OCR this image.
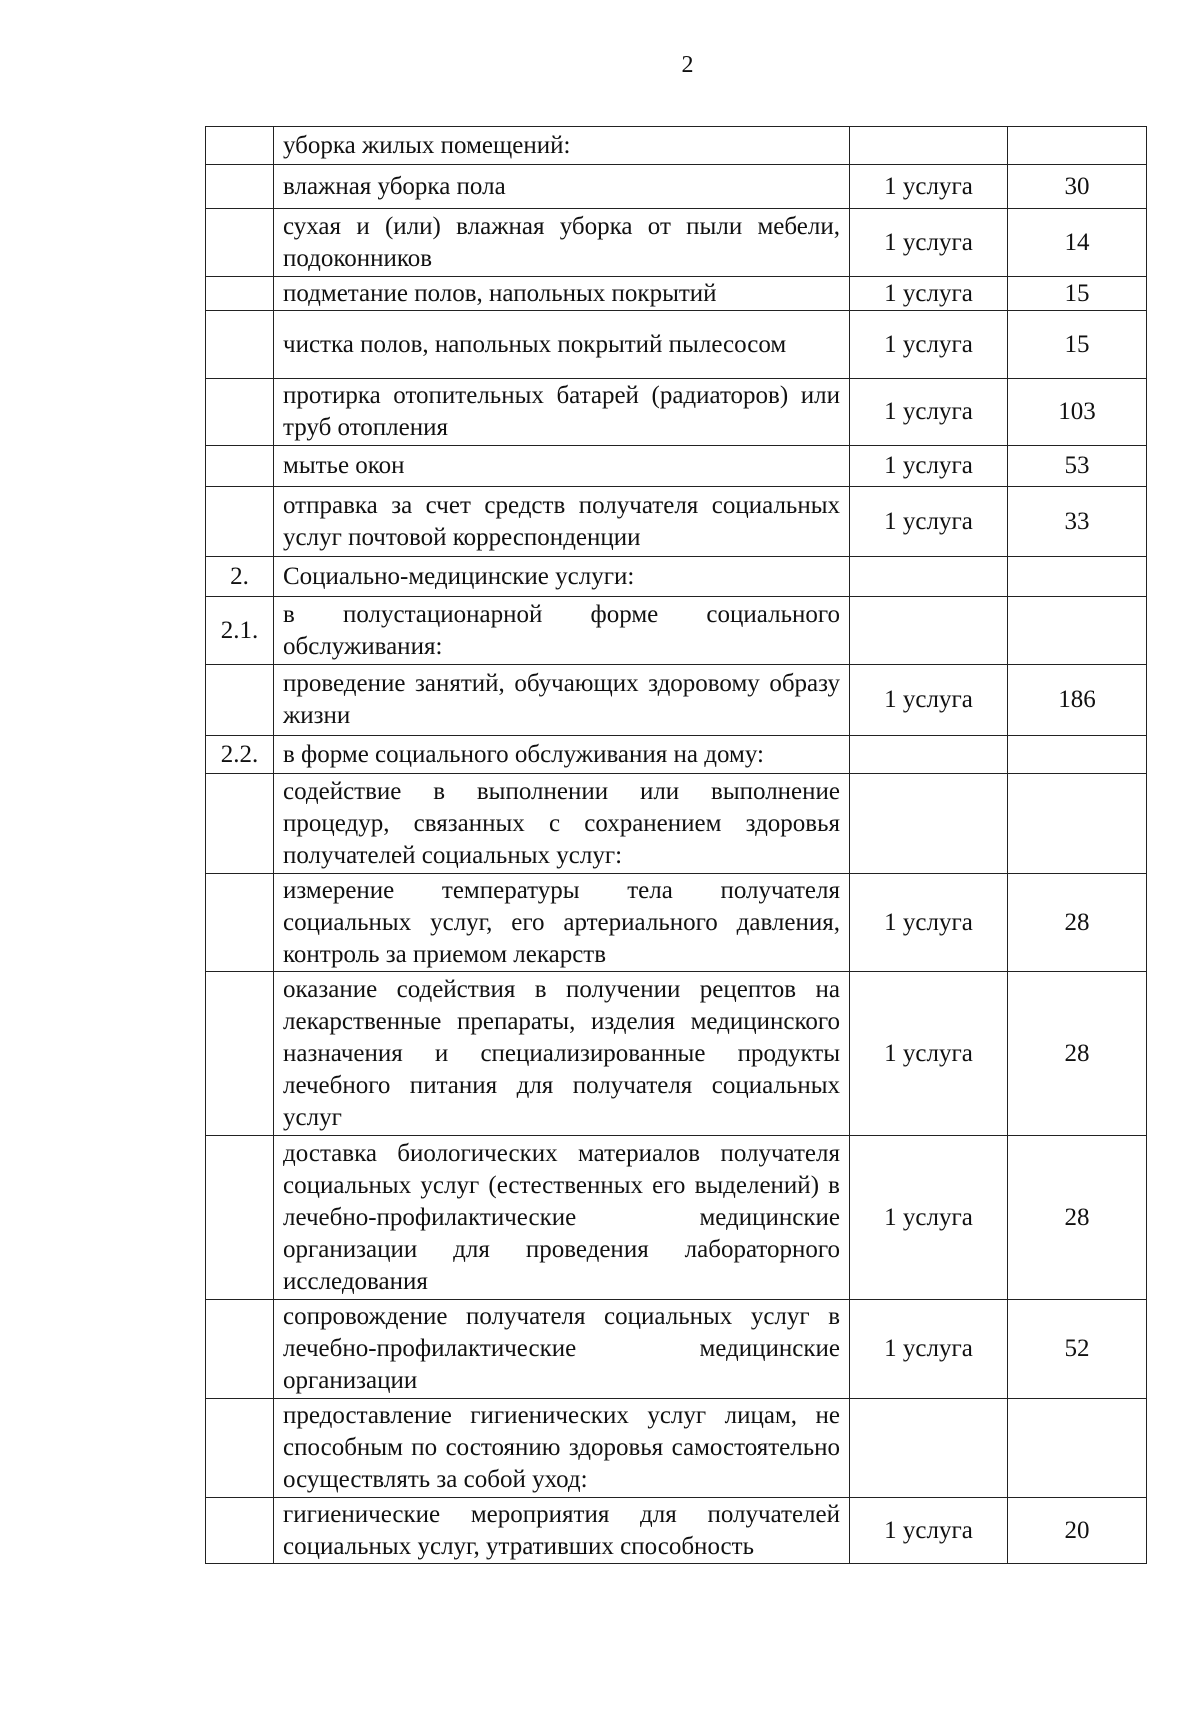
2
	уборка жилых помещений:		
	влажная уборка пола	1 услуга	30
	сухая и (или) влажная уборка от пыли мебели, подоконников	1 услуга	14
	подметание полов, напольных покрытий	1 услуга	15
	чистка полов, напольных покрытий пылесосом	1 услуга	15
	протирка отопительных батарей (радиаторов) или труб отопления	1 услуга	103
	мытье окон	1 услуга	53
	отправка за счет средств получателя социальных услуг почтовой корреспонденции	1 услуга	33
2.	Социально-медицинские услуги:		
2.1.	в полустационарной форме социального обслуживания:		
	проведение занятий, обучающих здоровому образу жизни	1 услуга	186
2.2.	в форме социального обслуживания на дому:		
	содействие в выполнении или выполнение процедур, связанных с сохранением здоровья получателей социальных услуг:		
	измерение температуры тела получателя социальных услуг, его артериального давления, контроль за приемом лекарств	1 услуга	28
	оказание содействия в получении рецептов на лекарственные препараты, изделия медицинского назначения и специализированные продукты лечебного питания для получателя социальных услуг	1 услуга	28
	доставка биологических материалов получателя социальных услуг (естественных его выделений) в лечебно-профилактические медицинские организации для проведения лабораторного исследования	1 услуга	28
	сопровождение получателя социальных услуг в лечебно-профилактические медицинские организации	1 услуга	52
	предоставление гигиенических услуг лицам, не способным по состоянию здоровья самостоятельно осуществлять за собой уход:		
	гигиенические мероприятия для получателей социальных услуг, утративших способность	1 услуга	20
